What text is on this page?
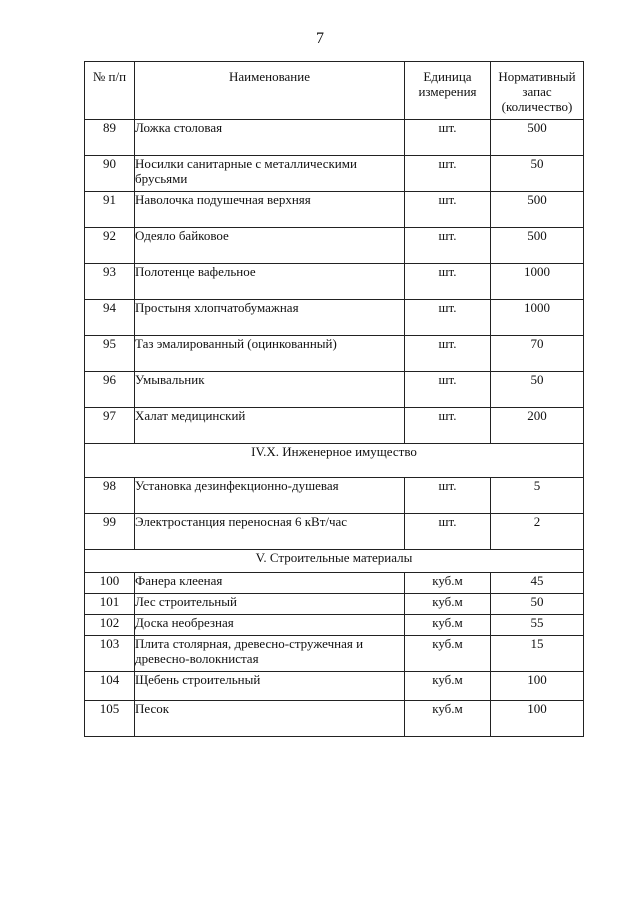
7
№ п/п	Наименование	Единица измерения	Нормативный запас (количество)
89	Ложка столовая	шт.	500
90	Носилки санитарные с металлическими брусьями	шт.	50
91	Наволочка подушечная верхняя	шт.	500
92	Одеяло байковое	шт.	500
93	Полотенце вафельное	шт.	1000
94	Простыня хлопчатобумажная	шт.	1000
95	Таз эмалированный (оцинкованный)	шт.	70
96	Умывальник	шт.	50
97	Халат медицинский	шт.	200
IV.X. Инженерное имущество			
98	Установка дезинфекционно-душевая	шт.	5
99	Электростанция переносная 6 кВт/час	шт.	2
V. Строительные материалы			
100	Фанера клееная	куб.м	45
101	Лес строительный	куб.м	50
102	Доска необрезная	куб.м	55
103	Плита столярная, древесно-стружечная и древесно-волокнистая	куб.м	15
104	Щебень строительный	куб.м	100
105	Песок	куб.м	100
